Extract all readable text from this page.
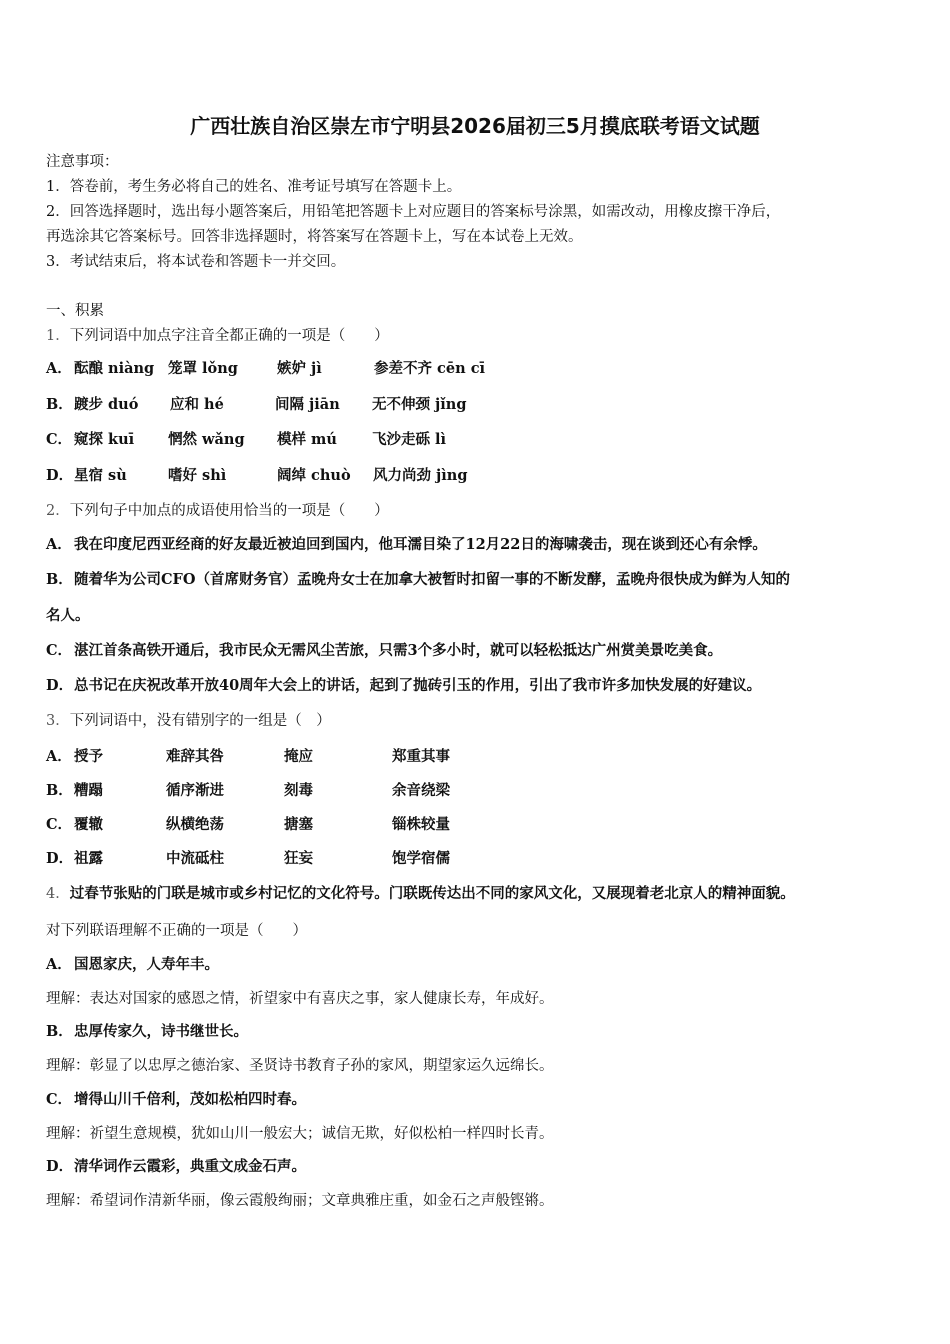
广西壮族自治区崇左市宁明县2026届初三5月摸底联考语文试题
注意事项：
1．答卷前，考生务必将自己的姓名、准考证号填写在答题卡上。
2．回答选择题时，选出每小题答案后，用铅笔把答题卡上对应题目的答案标号涂黑，如需改动，用橡皮擦干净后，
再选涂其它答案标号。回答非选择题时，将答案写在答题卡上，写在本试卷上无效。
3．考试结束后，将本试卷和答题卡一并交回。
一、积累
1．下列词语中加点字注音全都正确的一项是（　　）
A． 酝酿 niàng 笼罩 lǒng	嫉妒 jì	参差不齐 cēn cī
B． 踱步 duó 应和 hé	间隔 jiān 无不伸颈 jǐng
C． 窥探 kuī 惘然 wǎng 模样 mú 飞沙走砾 lì
D． 星宿 sù	嗜好 shì	阔绰 chuò 风力尚劲 jìng
2．下列句子中加点的成语使用恰当的一项是（　　）
A． 我在印度尼西亚经商的好友最近被迫回到国内，他耳濡目染了12月22日的海啸袭击，现在谈到还心有余悸。
B．随着华为公司CFO（首席财务官）孟晚舟女士在加拿大被暂时扣留一事的不断发酵，孟晚舟很快成为鲜为人知的
名人。
C． 湛江首条高铁开通后，我市民众无需风尘苦旅，只需3个多小时，就可以轻松抵达广州赏美景吃美食。
D．总书记在庆祝改革开放40周年大会上的讲话，起到了抛砖引玉的作用，引出了我市许多加快发展的好建议。
3．下列词语中，没有错别字的一组是（　）
A． 授予	难辞其咎	掩应	郑重其事
B． 糟蹋	循序渐进	刻毒	余音绕梁
C． 覆辙	纵横绝荡	搪塞	锱株较量
D． 祖露	中流砥柱	狂妄	饱学宿儒
4．过春节张贴的门联是城市或乡村记忆的文化符号。门联既传达出不同的家风文化，又展现着老北京人的精神面貌。
对下列联语理解不正确的一项是（　　）
A． 国恩家庆，人寿年丰。
理解：表达对国家的感恩之情，祈望家中有喜庆之事，家人健康长寿，年成好。
B．忠厚传家久，诗书继世长。
理解：彰显了以忠厚之德治家、圣贤诗书教育子孙的家风，期望家运久远绵长。
C． 增得山川千倍利，茂如松柏四时春。
理解：祈望生意规模，犹如山川一般宏大；诚信无欺，好似松柏一样四时长青。
D．清华词作云霞彩，典重文成金石声。
理解：希望词作清新华丽，像云霞般绚丽；文章典雅庄重，如金石之声般铿锵。
